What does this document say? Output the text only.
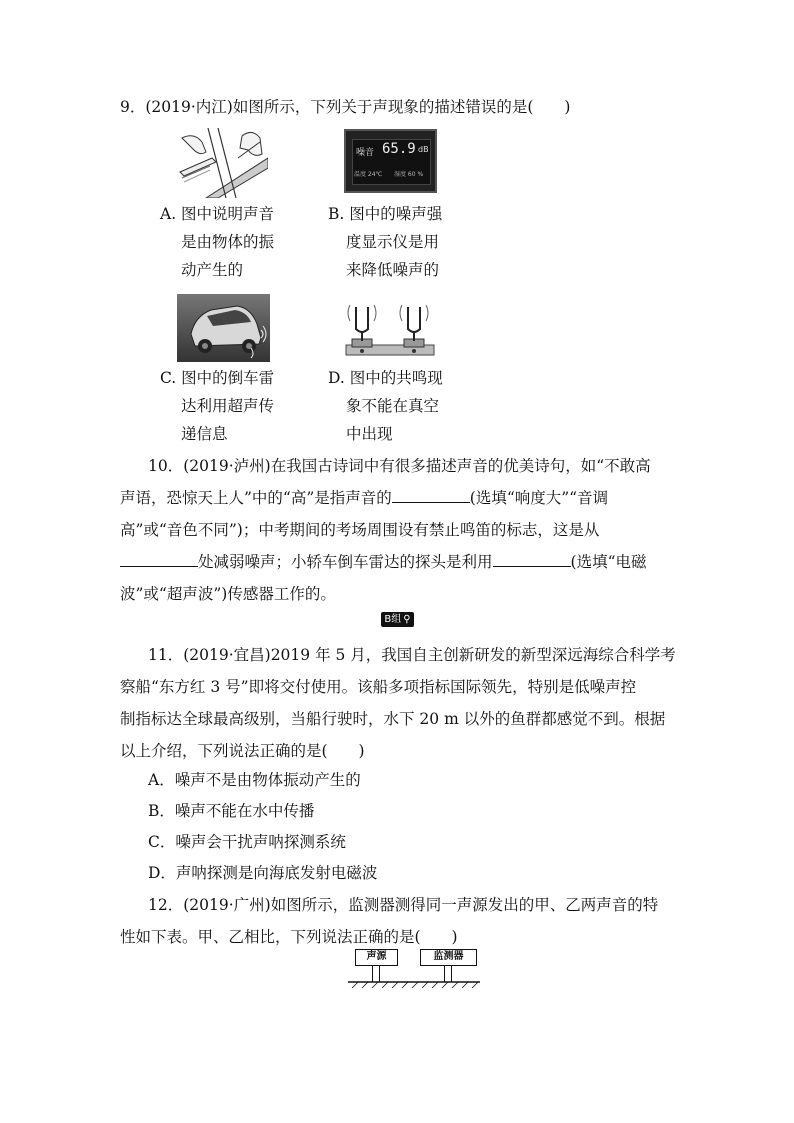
9．(2019·内江)如图所示，下列关于声现象的描述错误的是(　　)
噪音 65.9 dB
温度 24℃ 湿度 60 %
A. 图中说明声音
是由物体的振
动产生的
B. 图中的噪声强
度显示仪是用
来降低噪声的
C. 图中的倒车雷
达利用超声传
递信息
D. 图中的共鸣现
象不能在真空
中出现
10．(2019·泸州)在我国古诗词中有很多描述声音的优美诗句，如“不敢高
声语，恐惊天上人”中的“高”是指声音的	(选填“响度大”“音调
高”或“音色不同”)；中考期间的考场周围设有禁止鸣笛的标志，这是从
处减弱噪声；小轿车倒车雷达的探头是利用	(选填“电磁
波”或“超声波”)传感器工作的。
B组 ⚲
11．(2019·宜昌)2019 年 5 月，我国自主创新研发的新型深远海综合科学考
察船“东方红 3 号”即将交付使用。该船多项指标国际领先，特别是低噪声控
制指标达全球最高级别，当船行驶时，水下 20 m 以外的鱼群都感觉不到。根据
以上介绍，下列说法正确的是(　　)
A．噪声不是由物体振动产生的
B．噪声不能在水中传播
C．噪声会干扰声呐探测系统
D．声呐探测是向海底发射电磁波
12．(2019·广州)如图所示，监测器测得同一声源发出的甲、乙两声音的特
性如下表。甲、乙相比，下列说法正确的是(　　)
声源	监测器
